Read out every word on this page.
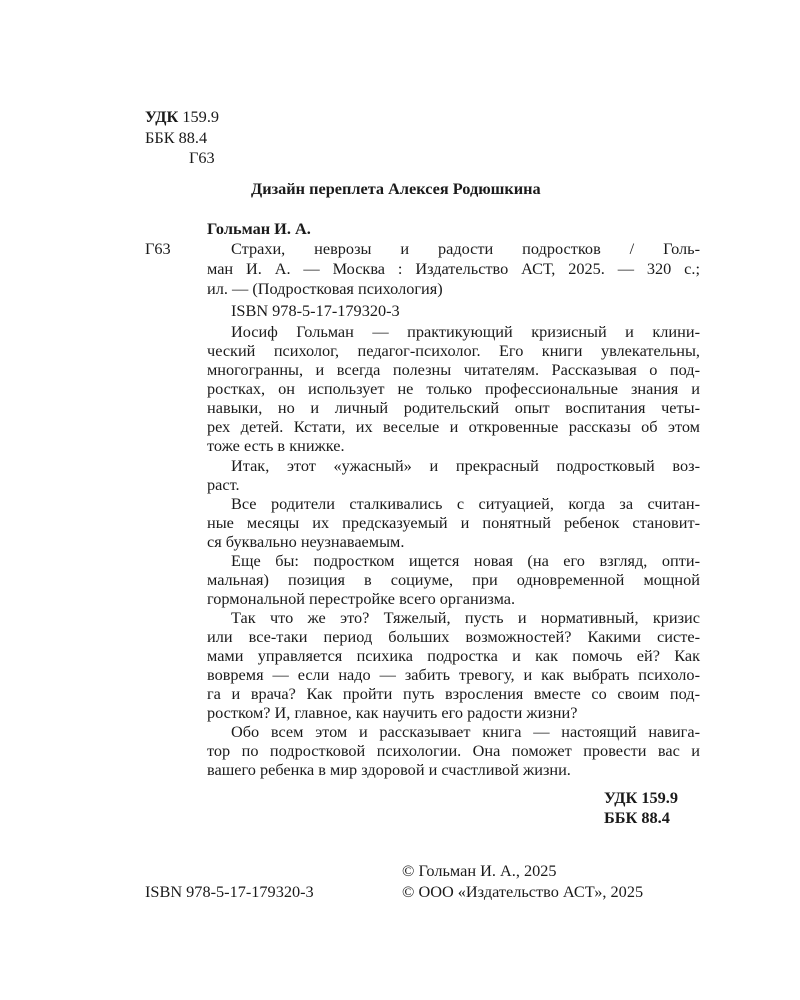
УДК 159.9
ББК 88.4
Г63
Дизайн переплета Алексея Родюшкина
Гольман И. А.
Г63	Страхи, неврозы и радости подростков / Голь-
ман И. А. — Москва : Издательство АСТ, 2025. — 320 с.;
ил. — (Подростковая психология)
ISBN 978-5-17-179320-3
Иосиф Гольман — практикующий кризисный и клини-
ческий психолог, педагог-психолог. Его книги увлекательны,
многогранны, и всегда полезны читателям. Рассказывая о под-
ростках, он использует не только профессиональные знания и
навыки, но и личный родительский опыт воспитания четы-
рех детей. Кстати, их веселые и откровенные рассказы об этом
тоже есть в книжке.
Итак, этот «ужасный» и прекрасный подростковый воз-
раст.
Все родители сталкивались с ситуацией, когда за считан-
ные месяцы их предсказуемый и понятный ребенок становит-
ся буквально неузнаваемым.
Еще бы: подростком ищется новая (на его взгляд, опти-
мальная) позиция в социуме, при одновременной мощной
гормональной перестройке всего организма.
Так что же это? Тяжелый, пусть и нормативный, кризис
или все-таки период больших возможностей? Какими систе-
мами управляется психика подростка и как помочь ей? Как
вовремя — если надо — забить тревогу, и как выбрать психоло-
га и врача? Как пройти путь взросления вместе со своим под-
ростком? И, главное, как научить его радости жизни?
Обо всем этом и рассказывает книга — настоящий навига-
тор по подростковой психологии. Она поможет провести вас и
вашего ребенка в мир здоровой и счастливой жизни.
УДК 159.9
ББК 88.4
© Гольман И. А., 2025
ISBN 978-5-17-179320-3	© ООО «Издательство АСТ», 2025
